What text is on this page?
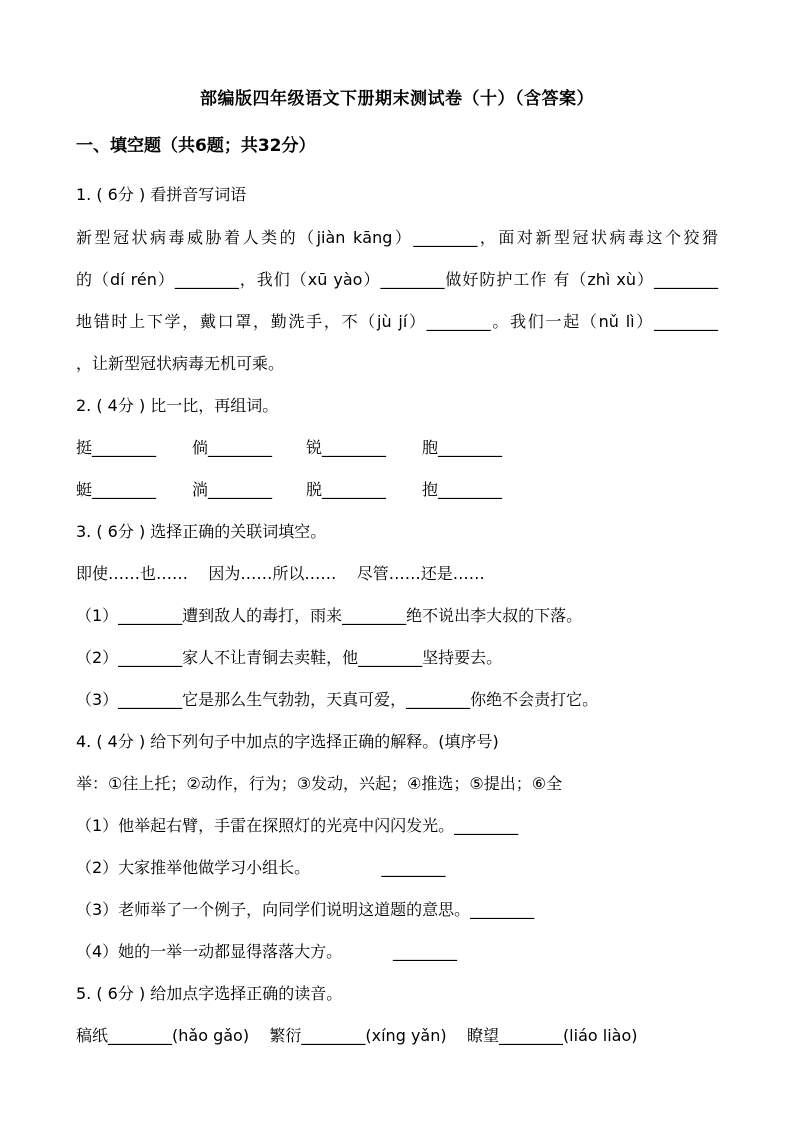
部编版四年级语文下册期末测试卷（十）（含答案）
一、填空题（共6题；共32分）
1. ( 6分 ) 看拼音写词语
新型冠状病毒威胁着人类的（jiàn kāng）________，面对新型冠状病毒这个狡猾
的（dí rén）________，我们（xū yào）________做好防护工作 有（zhì xù）________
地错时上下学，戴口罩，勤洗手，不（jù jí）________。我们一起（nǔ lì）________
，让新型冠状病毒无机可乘。
2. ( 4分 ) 比一比，再组词。
挺________ 倘________ 锐________ 胞________
蜓________ 淌________ 脱________ 抱________
3. ( 6分 ) 选择正确的关联词填空。
即使……也……    因为……所以……    尽管……还是……
（1）________遭到敌人的毒打，雨来________绝不说出李大叔的下落。
（2）________家人不让青铜去卖鞋，他________坚持要去。
（3）________它是那么生气勃勃，天真可爱，________你绝不会责打它。
4. ( 4分 ) 给下列句子中加点的字选择正确的解释。(填序号)
举：①往上托；②动作，行为；③发动，兴起；④推选；⑤提出；⑥全
（1）他举起右臂，手雷在探照灯的光亮中闪闪发光。________
（2）大家推举他做学习小组长。              ________
（3）老师举了一个例子，向同学们说明这道题的意思。________
（4）她的一举一动都显得落落大方。          ________
5. ( 6分 ) 给加点字选择正确的读音。
稿纸________(hǎo gǎo)    繁衍________(xíng yǎn)    瞭望________(liáo liào)
